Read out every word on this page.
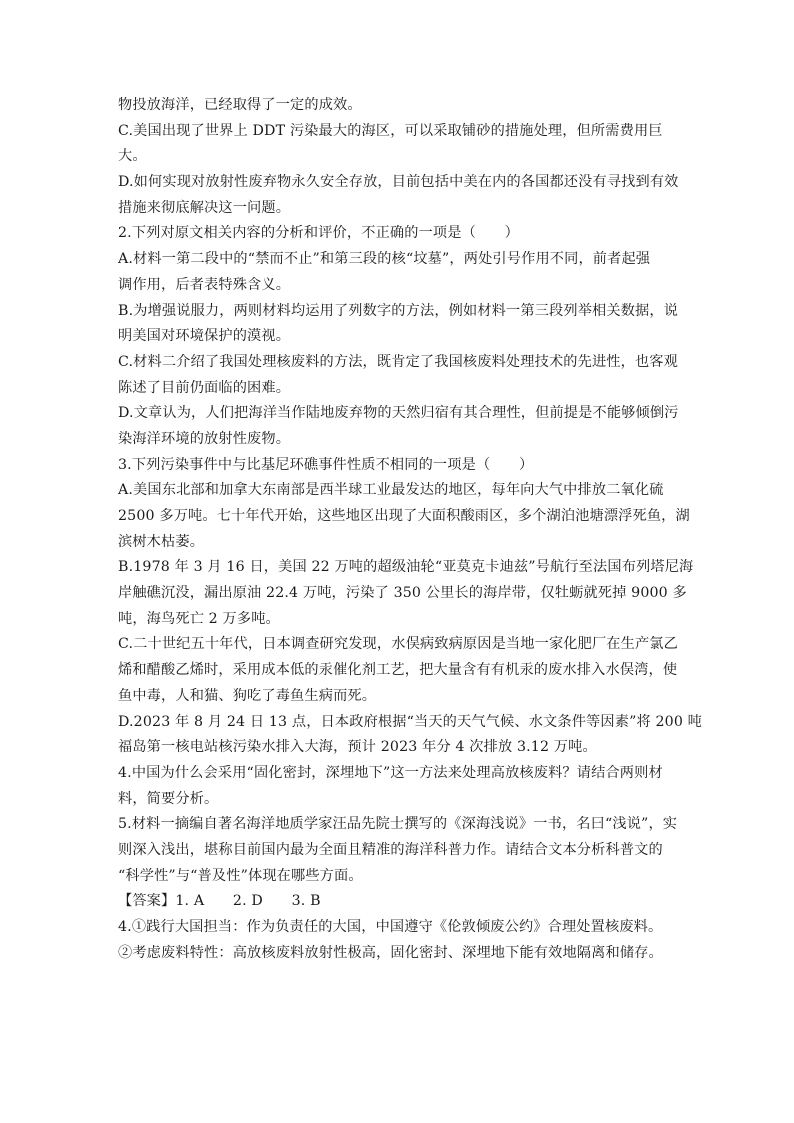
物投放海洋，已经取得了一定的成效。
C.美国出现了世界上 DDT 污染最大的海区，可以采取铺砂的措施处理，但所需费用巨
大。
D.如何实现对放射性废弃物永久安全存放，目前包括中美在内的各国都还没有寻找到有效
措施来彻底解决这一问题。
2.下列对原文相关内容的分析和评价，不正确的一项是（　　）
A.材料一第二段中的“禁而不止”和第三段的核“坟墓”，两处引号作用不同，前者起强
调作用，后者表特殊含义。
B.为增强说服力，两则材料均运用了列数字的方法，例如材料一第三段列举相关数据，说
明美国对环境保护的漠视。
C.材料二介绍了我国处理核废料的方法，既肯定了我国核废料处理技术的先进性，也客观
陈述了目前仍面临的困难。
D.文章认为，人们把海洋当作陆地废弃物的天然归宿有其合理性，但前提是不能够倾倒污
染海洋环境的放射性废物。
3.下列污染事件中与比基尼环礁事件性质不相同的一项是（　　）
A.美国东北部和加拿大东南部是西半球工业最发达的地区，每年向大气中排放二氧化硫
2500 多万吨。七十年代开始，这些地区出现了大面积酸雨区，多个湖泊池塘漂浮死鱼，湖
滨树木枯萎。
B.1978 年 3 月 16 日，美国 22 万吨的超级油轮“亚莫克卡迪兹”号航行至法国布列塔尼海
岸触礁沉没，漏出原油 22.4 万吨，污染了 350 公里长的海岸带，仅牡蛎就死掉 9000 多
吨，海鸟死亡 2 万多吨。
C.二十世纪五十年代，日本调查研究发现，水俣病致病原因是当地一家化肥厂在生产氯乙
烯和醋酸乙烯时，采用成本低的汞催化剂工艺，把大量含有有机汞的废水排入水俣湾，使
鱼中毒，人和猫、狗吃了毒鱼生病而死。
D.2023 年 8 月 24 日 13 点，日本政府根据“当天的天气气候、水文条件等因素”将 200 吨
福岛第一核电站核污染水排入大海，预计 2023 年分 4 次排放 3.12 万吨。
4.中国为什么会采用“固化密封，深埋地下”这一方法来处理高放核废料？请结合两则材
料，简要分析。
5.材料一摘编自著名海洋地质学家汪品先院士撰写的《深海浅说》一书，名曰“浅说”，实
则深入浅出，堪称目前国内最为全面且精准的海洋科普力作。请结合文本分析科普文的
“科学性”与“普及性”体现在哪些方面。
【答案】1. A　　2. D　　3. B
4.①践行大国担当：作为负责任的大国，中国遵守《伦敦倾废公约》合理处置核废料。
②考虑废料特性：高放核废料放射性极高，固化密封、深埋地下能有效地隔离和储存。
